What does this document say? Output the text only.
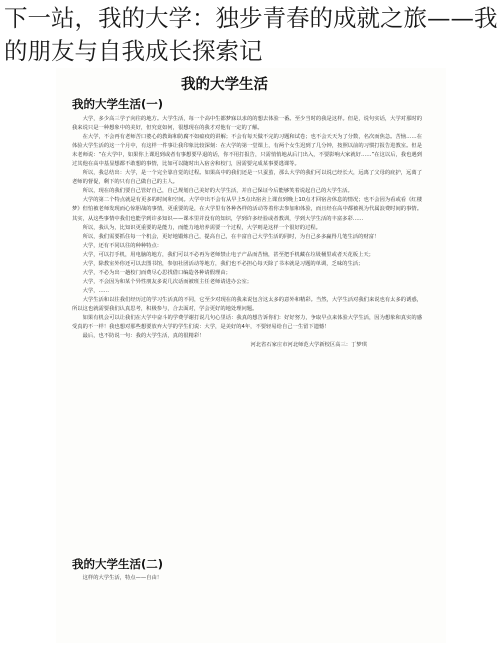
下一站，我的大学：独步青春的成就之旅——我的朋友与自我成长探索记
我的大学生活
我的大学生活(一)

大学，多少高三学子向往的地方。大学生活，每一个高中生都梦寐以求的的想去体验一番。至少当时的我是这样。但是，说句实话，大学对那时的我来说只是一种想象中的美好，但究竟如何，很想现在的我才对他有一定的了解。

在大学，不会再有老师苦口婆心的教诲和防腐不如瘟疫的讲解；不会有每天做不完的习题和试卷；也不会天天为了分数，名次而焦急。苦恼……在体验大学生活的这一个月中，有这样一件事让我印象比较深刻：在大学的第一堂课上，有两个女生迟到了几分钟，按照以前的习惯打报告进教室。但是未老师说：“在大学中，如果你上课迟到或者有事想要早退的话，你不用打报告，只需悄悄地从后门出入，不要影响大家就好……”在这以后，我也遇到过其他在高中基显想都不敢想的事情，比如可以随时出入宿舍和校门，因需要完成某事要逃课等。

所以，我总结出：大学，是一个完全靠自觉的过程。如果高中的我们还是一只蚕茧，那么大学的我们可以说已经长大，远离了父母的庇护，远离了老师的督促，剩下的只有自己做自己的主人。

所以，现在的我们要自己管好自己，自己规划自己美好的大学生活，并自己保证今后能够笑着说起自己的大学生活。

大学的第二个特点就是有更多的时间和空间。大学中出不会有从早上5点出宿舍上课直到晚上10点才回宿舍休息的情况；也不会因为看或看《红楼梦》但怕被老师发现而心惊胆战的事情，更重要的是，在大学里有各种各样的活动等着你去参加和体验，而且经在高中都被视为代属浪费时间的事情。其实，从这些事情中我们也能学到许多知识——课本里并没有的知识，学到许多经验或者教训，学到大学生活的丰富多彩……

所以，我认为，比知识更重要的是能力，而能力地培养需要一个过程，大学则是这样一个很好的过程。

所以，我们需要抓住每一个机会，更好地锻炼自己，提高自己，在丰富自己大学生活的同时，为自己多多赢得几笔生活的财富！

大学，还有不同以往的种种特点：

大学，可以打手机，用电脑的地方，我们可以不必再为老师禁止电子产品而苦恼，甚至把手机藏在垃圾桶里或者天花板上天；

大学，除教室外你还可以去图书馆，参加社团活动等地方，我们也不必担心每天除了书本就是习题的单调，乏味的生活；

大学，不必为出一趟校门而费尽心思找借口编造各种请假理由；

大学，不会因为和某个异性朋友多说几次话而被班主任老师请进办公室；

大学，……

大学生活和以往我们经历过的学习生活真的不同，它至少对现在的我来说包含这太多的意外和精彩。当然，大学生活对我们来说也有太多的诱惑，所以这也就需要我们认真思考，积极参与，合去面对，学会更好的地处理问题。

如果有机会可以让我们在大学中奋斗的学费学谢打说几句心里话：我真的想告诉你们：好好努力，争取早点来体验大学生活，因为想象和真实的感受真的不一样！我也想对那些想要放弃大学的学生们说：大学，是美好的4年，不要轻易给自己一生留下遗憾！

最后，也不防说一句：我的大学生活，真的很精彩！

河北省石家庄市河北师范大学新校区高三：丁梦琪

我的大学生活(二)

这样的大学生活，特点——自由！
